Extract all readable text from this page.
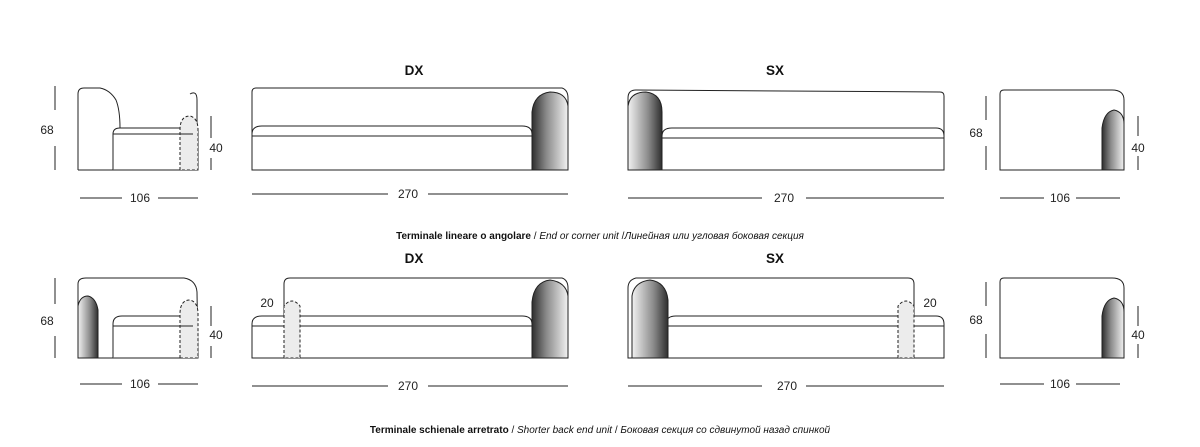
68
40
106
DX
270
SX
270
68
40
106
68
40
106
DX
20
270
SX
20
270
68
40
106
Terminale lineare o angolare / End or corner unit /Линейная или угловая боковая секция
Terminale schienale arretrato / Shorter back end unit / Боковая секция со сдвинутой назад спинкой
